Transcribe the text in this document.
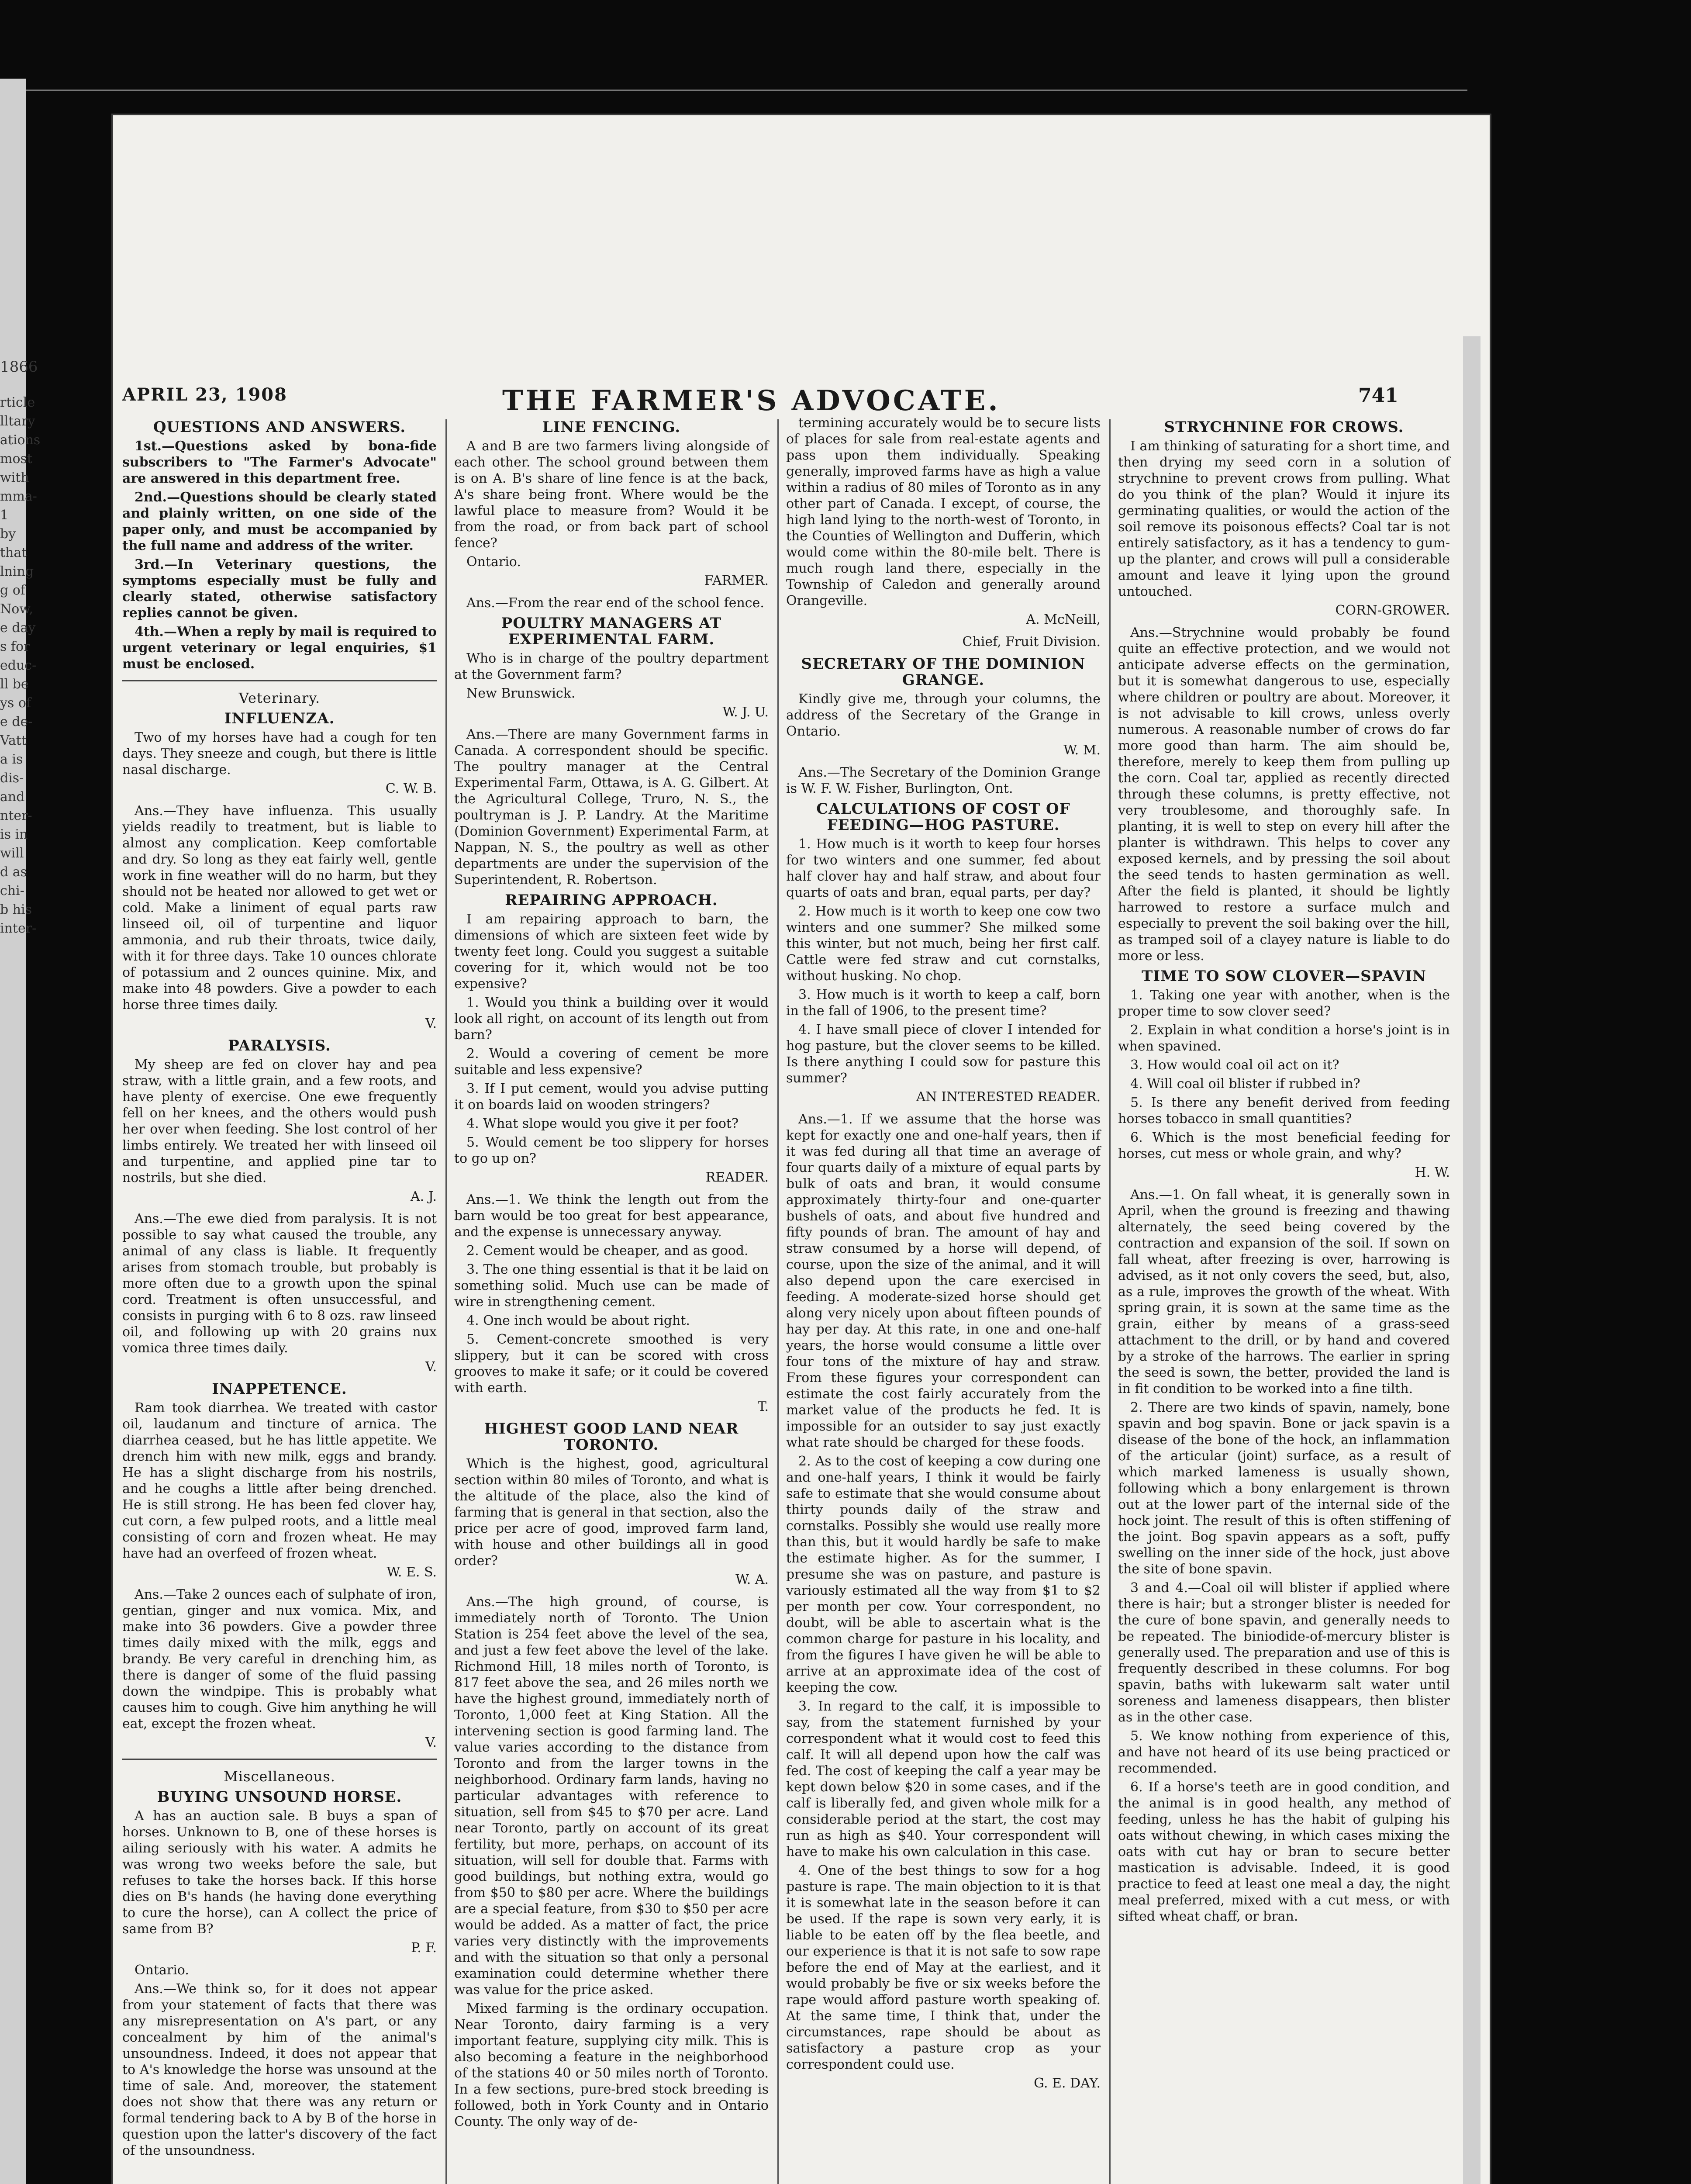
rticle
lltary
ations
most
with
mma-
1
by
that
lning
g of
Now,
e day
s for
educ-
ll be
ys of
e de-
Vatt
a is
dis-
and
nter-
is in
will
d as
chi-
b his
inter-
APRIL 23, 1908	THE FARMER'S ADVOCATE.	741
QUESTIONS AND ANSWERS.

1st.—Questions asked by bona-fide subscribers to "The Farmer's Advocate" are answered in this department free.

2nd.—Questions should be clearly stated and plainly written, on one side of the paper only, and must be accompanied by the full name and address of the writer.

3rd.—In Veterinary questions, the symptoms especially must be fully and clearly stated, otherwise satisfactory replies cannot be given.

4th.—When a reply by mail is required to urgent veterinary or legal enquiries, $1 must be enclosed.

Veterinary.
INFLUENZA.

Two of my horses have had a cough for ten days. They sneeze and cough, but there is little nasal discharge.

C. W. B.

Ans.—They have influenza. This usually yields readily to treatment, but is liable to almost any complication. Keep comfortable and dry. So long as they eat fairly well, gentle work in fine weather will do no harm, but they should not be heated nor allowed to get wet or cold. Make a liniment of equal parts raw linseed oil, oil of turpentine and liquor ammonia, and rub their throats, twice daily, with it for three days. Take 10 ounces chlorate of potassium and 2 ounces quinine. Mix, and make into 48 powders. Give a powder to each horse three times daily.

V.

PARALYSIS.

My sheep are fed on clover hay and pea straw, with a little grain, and a few roots, and have plenty of exercise. One ewe frequently fell on her knees, and the others would push her over when feeding. She lost control of her limbs entirely. We treated her with linseed oil and turpentine, and applied pine tar to nostrils, but she died.

A. J.

Ans.—The ewe died from paralysis. It is not possible to say what caused the trouble, any animal of any class is liable. It frequently arises from stomach trouble, but probably is more often due to a growth upon the spinal cord. Treatment is often unsuccessful, and consists in purging with 6 to 8 ozs. raw linseed oil, and following up with 20 grains nux vomica three times daily.

V.

INAPPETENCE.

Ram took diarrhea. We treated with castor oil, laudanum and tincture of arnica. The diarrhea ceased, but he has little appetite. We drench him with new milk, eggs and brandy. He has a slight discharge from his nostrils, and he coughs a little after being drenched. He is still strong. He has been fed clover hay, cut corn, a few pulped roots, and a little meal consisting of corn and frozen wheat. He may have had an overfeed of frozen wheat.

W. E. S.

Ans.—Take 2 ounces each of sulphate of iron, gentian, ginger and nux vomica. Mix, and make into 36 powders. Give a powder three times daily mixed with the milk, eggs and brandy. Be very careful in drenching him, as there is danger of some of the fluid passing down the windpipe. This is probably what causes him to cough. Give him anything he will eat, except the frozen wheat.

V.

Miscellaneous.
BUYING UNSOUND HORSE.

A has an auction sale. B buys a span of horses. Unknown to B, one of these horses is ailing seriously with his water. A admits he was wrong two weeks before the sale, but refuses to take the horses back. If this horse dies on B's hands (he having done everything to cure the horse), can A collect the price of same from B?

P. F.

Ontario.

Ans.—We think so, for it does not appear from your statement of facts that there was any misrepresentation on A's part, or any concealment by him of the animal's unsoundness. Indeed, it does not appear that to A's knowledge the horse was unsound at the time of sale. And, moreover, the statement does not show that there was any return or formal tendering back to A by B of the horse in question upon the latter's discovery of the fact of the unsoundness.

LINE FENCING.

A and B are two farmers living alongside of each other. The school ground between them is on A. B's share of line fence is at the back, A's share being front. Where would be the lawful place to measure from? Would it be from the road, or from back part of school fence?

Ontario.

FARMER.

Ans.—From the rear end of the school fence.

POULTRY MANAGERS AT EXPERIMENTAL FARM.

Who is in charge of the poultry department at the Government farm?

New Brunswick.

W. J. U.

Ans.—There are many Government farms in Canada. A correspondent should be specific. The poultry manager at the Central Experimental Farm, Ottawa, is A. G. Gilbert. At the Agricultural College, Truro, N. S., the poultryman is J. P. Landry. At the Maritime (Dominion Government) Experimental Farm, at Nappan, N. S., the poultry as well as other departments are under the supervision of the Superintendent, R. Robertson.

REPAIRING APPROACH.

I am repairing approach to barn, the dimensions of which are sixteen feet wide by twenty feet long. Could you suggest a suitable covering for it, which would not be too expensive?

1. Would you think a building over it would look all right, on account of its length out from barn?

2. Would a covering of cement be more suitable and less expensive?

3. If I put cement, would you advise putting it on boards laid on wooden stringers?

4. What slope would you give it per foot?

5. Would cement be too slippery for horses to go up on?

READER.

Ans.—1. We think the length out from the barn would be too great for best appearance, and the expense is unnecessary anyway.

2. Cement would be cheaper, and as good.

3. The one thing essential is that it be laid on something solid. Much use can be made of wire in strengthening cement.

4. One inch would be about right.

5. Cement-concrete smoothed is very slippery, but it can be scored with cross grooves to make it safe; or it could be covered with earth.

T.

HIGHEST GOOD LAND NEAR TORONTO.

Which is the highest, good, agricultural section within 80 miles of Toronto, and what is the altitude of the place, also the kind of farming that is general in that section, also the price per acre of good, improved farm land, with house and other buildings all in good order?

W. A.

Ans.—The high ground, of course, is immediately north of Toronto. The Union Station is 254 feet above the level of the sea, and just a few feet above the level of the lake. Richmond Hill, 18 miles north of Toronto, is 817 feet above the sea, and 26 miles north we have the highest ground, immediately north of Toronto, 1,000 feet at King Station. All the intervening section is good farming land. The value varies according to the distance from Toronto and from the larger towns in the neighborhood. Ordinary farm lands, having no particular advantages with reference to situation, sell from $45 to $70 per acre. Land near Toronto, partly on account of its great fertility, but more, perhaps, on account of its situation, will sell for double that. Farms with good buildings, but nothing extra, would go from $50 to $80 per acre. Where the buildings are a special feature, from $30 to $50 per acre would be added. As a matter of fact, the price varies very distinctly with the improvements and with the situation so that only a personal examination could determine whether there was value for the price asked.

Mixed farming is the ordinary occupation. Near Toronto, dairy farming is a very important feature, supplying city milk. This is also becoming a feature in the neighborhood of the stations 40 or 50 miles north of Toronto. In a few sections, pure-bred stock breeding is followed, both in York County and in Ontario County. The only way of de-

termining accurately would be to secure lists of places for sale from real-estate agents and pass upon them individually. Speaking generally, improved farms have as high a value within a radius of 80 miles of Toronto as in any other part of Canada. I except, of course, the high land lying to the north-west of Toronto, in the Counties of Wellington and Dufferin, which would come within the 80-mile belt. There is much rough land there, especially in the Township of Caledon and generally around Orangeville.

A. McNeill,

Chief, Fruit Division.

SECRETARY OF THE DOMINION GRANGE.

Kindly give me, through your columns, the address of the Secretary of the Grange in Ontario.

W. M.

Ans.—The Secretary of the Dominion Grange is W. F. W. Fisher, Burlington, Ont.

CALCULATIONS OF COST OF FEEDING—HOG PASTURE.

1. How much is it worth to keep four horses for two winters and one summer, fed about half clover hay and half straw, and about four quarts of oats and bran, equal parts, per day?

2. How much is it worth to keep one cow two winters and one summer? She milked some this winter, but not much, being her first calf. Cattle were fed straw and cut cornstalks, without husking. No chop.

3. How much is it worth to keep a calf, born in the fall of 1906, to the present time?

4. I have small piece of clover I intended for hog pasture, but the clover seems to be killed. Is there anything I could sow for pasture this summer?

AN INTERESTED READER.

Ans.—1. If we assume that the horse was kept for exactly one and one-half years, then if it was fed during all that time an average of four quarts daily of a mixture of equal parts by bulk of oats and bran, it would consume approximately thirty-four and one-quarter bushels of oats, and about five hundred and fifty pounds of bran. The amount of hay and straw consumed by a horse will depend, of course, upon the size of the animal, and it will also depend upon the care exercised in feeding. A moderate-sized horse should get along very nicely upon about fifteen pounds of hay per day. At this rate, in one and one-half years, the horse would consume a little over four tons of the mixture of hay and straw. From these figures your correspondent can estimate the cost fairly accurately from the market value of the products he fed. It is impossible for an outsider to say just exactly what rate should be charged for these foods.

2. As to the cost of keeping a cow during one and one-half years, I think it would be fairly safe to estimate that she would consume about thirty pounds daily of the straw and cornstalks. Possibly she would use really more than this, but it would hardly be safe to make the estimate higher. As for the summer, I presume she was on pasture, and pasture is variously estimated all the way from $1 to $2 per month per cow. Your correspondent, no doubt, will be able to ascertain what is the common charge for pasture in his locality, and from the figures I have given he will be able to arrive at an approximate idea of the cost of keeping the cow.

3. In regard to the calf, it is impossible to say, from the statement furnished by your correspondent what it would cost to feed this calf. It will all depend upon how the calf was fed. The cost of keeping the calf a year may be kept down below $20 in some cases, and if the calf is liberally fed, and given whole milk for a considerable period at the start, the cost may run as high as $40. Your correspondent will have to make his own calculation in this case.

4. One of the best things to sow for a hog pasture is rape. The main objection to it is that it is somewhat late in the season before it can be used. If the rape is sown very early, it is liable to be eaten off by the flea beetle, and our experience is that it is not safe to sow rape before the end of May at the earliest, and it would probably be five or six weeks before the rape would afford pasture worth speaking of. At the same time, I think that, under the circumstances, rape should be about as satisfactory a pasture crop as your correspondent could use.

G. E. DAY.

STRYCHNINE FOR CROWS.

I am thinking of saturating for a short time, and then drying my seed corn in a solution of strychnine to prevent crows from pulling. What do you think of the plan? Would it injure its germinating qualities, or would the action of the soil remove its poisonous effects? Coal tar is not entirely satisfactory, as it has a tendency to gum-up the planter, and crows will pull a considerable amount and leave it lying upon the ground untouched.

CORN-GROWER.

Ans.—Strychnine would probably be found quite an effective protection, and we would not anticipate adverse effects on the germination, but it is somewhat dangerous to use, especially where children or poultry are about. Moreover, it is not advisable to kill crows, unless overly numerous. A reasonable number of crows do far more good than harm. The aim should be, therefore, merely to keep them from pulling up the corn. Coal tar, applied as recently directed through these columns, is pretty effective, not very troublesome, and thoroughly safe. In planting, it is well to step on every hill after the planter is withdrawn. This helps to cover any exposed kernels, and by pressing the soil about the seed tends to hasten germination as well. After the field is planted, it should be lightly harrowed to restore a surface mulch and especially to prevent the soil baking over the hill, as tramped soil of a clayey nature is liable to do more or less.

TIME TO SOW CLOVER—SPAVIN

1. Taking one year with another, when is the proper time to sow clover seed?

2. Explain in what condition a horse's joint is in when spavined.

3. How would coal oil act on it?

4. Will coal oil blister if rubbed in?

5. Is there any benefit derived from feeding horses tobacco in small quantities?

6. Which is the most beneficial feeding for horses, cut mess or whole grain, and why?

H. W.

Ans.—1. On fall wheat, it is generally sown in April, when the ground is freezing and thawing alternately, the seed being covered by the contraction and expansion of the soil. If sown on fall wheat, after freezing is over, harrowing is advised, as it not only covers the seed, but, also, as a rule, improves the growth of the wheat. With spring grain, it is sown at the same time as the grain, either by means of a grass-seed attachment to the drill, or by hand and covered by a stroke of the harrows. The earlier in spring the seed is sown, the better, provided the land is in fit condition to be worked into a fine tilth.

2. There are two kinds of spavin, namely, bone spavin and bog spavin. Bone or jack spavin is a disease of the bone of the hock, an inflammation of the articular (joint) surface, as a result of which marked lameness is usually shown, following which a bony enlargement is thrown out at the lower part of the internal side of the hock joint. The result of this is often stiffening of the joint. Bog spavin appears as a soft, puffy swelling on the inner side of the hock, just above the site of bone spavin.

3 and 4.—Coal oil will blister if applied where there is hair; but a stronger blister is needed for the cure of bone spavin, and generally needs to be repeated. The biniodide-of-mercury blister is generally used. The preparation and use of this is frequently described in these columns. For bog spavin, baths with lukewarm salt water until soreness and lameness disappears, then blister as in the other case.

5. We know nothing from experience of this, and have not heard of its use being practiced or recommended.

6. If a horse's teeth are in good condition, and the animal is in good health, any method of feeding, unless he has the habit of gulping his oats without chewing, in which cases mixing the oats with cut hay or bran to secure better mastication is advisable. Indeed, it is good practice to feed at least one meal a day, the night meal preferred, mixed with a cut mess, or with sifted wheat chaff, or bran.

1866
